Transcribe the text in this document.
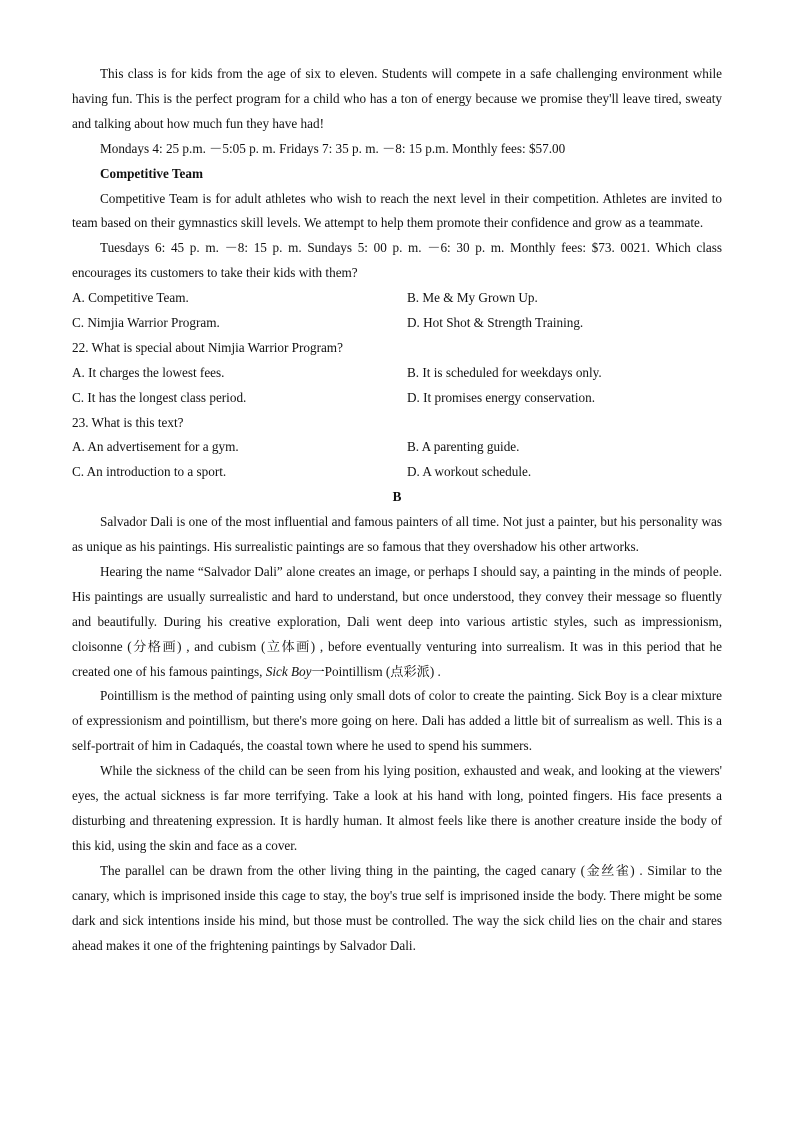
This class is for kids from the age of six to eleven. Students will compete in a safe challenging environment while having fun. This is the perfect program for a child who has a ton of energy because we promise they'll leave tired, sweaty and talking about how much fun they have had!
Mondays 4: 25 p.m. －5:05 p. m. Fridays 7: 35 p. m. －8: 15 p.m. Monthly fees: $57.00
Competitive Team
Competitive Team is for adult athletes who wish to reach the next level in their competition. Athletes are invited to team based on their gymnastics skill levels. We attempt to help them promote their confidence and grow as a teammate.
Tuesdays 6: 45 p. m. －8: 15 p. m. Sundays 5: 00 p. m. －6: 30 p. m. Monthly fees: $73. 0021. Which class encourages its customers to take their kids with them?
A. Competitive Team.	B. Me & My Grown Up.
C. Nimjia Warrior Program.	D. Hot Shot & Strength Training.
22. What is special about Nimjia Warrior Program?
A. It charges the lowest fees.	B. It is scheduled for weekdays only.
C. It has the longest class period.	D. It promises energy conservation.
23. What is this text?
A. An advertisement for a gym.	B. A parenting guide.
C. An introduction to a sport.	D. A workout schedule.
B
Salvador Dali is one of the most influential and famous painters of all time. Not just a painter, but his personality was as unique as his paintings. His surrealistic paintings are so famous that they overshadow his other artworks.
Hearing the name “Salvador Dali” alone creates an image, or perhaps I should say, a painting in the minds of people. His paintings are usually surrealistic and hard to understand, but once understood, they convey their message so fluently and beautifully. During his creative exploration, Dali went deep into various artistic styles, such as impressionism, cloisonne (分格画) , and cubism (立体画) , before eventually venturing into surrealism. It was in this period that he created one of his famous paintings, Sick Boy一Pointillism (点彩派) .
Pointillism is the method of painting using only small dots of color to create the painting. Sick Boy is a clear mixture of expressionism and pointillism, but there's more going on here. Dali has added a little bit of surrealism as well. This is a self-portrait of him in Cadaqués, the coastal town where he used to spend his summers.
While the sickness of the child can be seen from his lying position, exhausted and weak, and looking at the viewers' eyes, the actual sickness is far more terrifying. Take a look at his hand with long, pointed fingers. His face presents a disturbing and threatening expression. It is hardly human. It almost feels like there is another creature inside the body of this kid, using the skin and face as a cover.
The parallel can be drawn from the other living thing in the painting, the caged canary (金丝雀) . Similar to the canary, which is imprisoned inside this cage to stay, the boy's true self is imprisoned inside the body. There might be some dark and sick intentions inside his mind, but those must be controlled. The way the sick child lies on the chair and stares ahead makes it one of the frightening paintings by Salvador Dali.
